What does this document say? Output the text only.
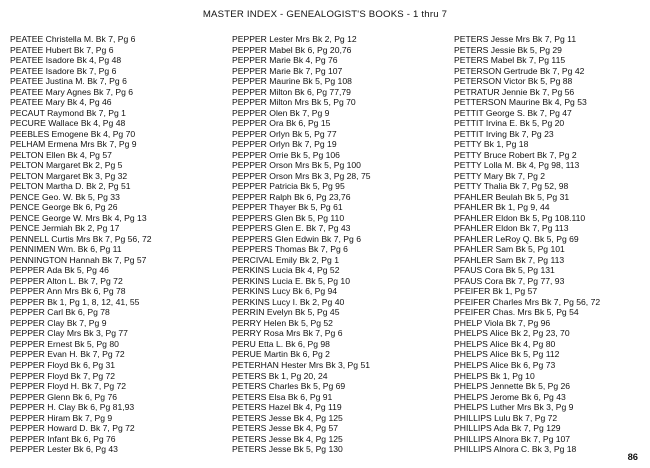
MASTER INDEX - GENEALOGIST'S BOOKS - 1 thru 7
PEATEE Christella M. Bk 7, Pg 6
PEATEE Hubert Bk 7, Pg 6
PEATEE Isadore Bk 4, Pg 48
PEATEE Isadore Bk 7, Pg 6
PEATEE Justina M. Bk 7, Pg 6
PEATEE Mary Agnes Bk 7, Pg 6
PEATEE Mary Bk 4, Pg 46
PECAUT Raymond Bk 7, Pg 1
PECURE Wallace Bk 4, Pg 48
PEEBLES Emogene Bk 4, Pg 70
PELHAM Ermena Mrs Bk 7, Pg 9
PELTON Ellen Bk 4, Pg 57
PELTON Margaret Bk 2, Pg 5
PELTON Margaret Bk 3, Pg 32
PELTON Martha D. Bk 2, Pg 51
PENCE Geo. W. Bk 5, Pg 33
PENCE George Bk 6, Pg 26
PENCE George W. Mrs Bk 4, Pg 13
PENCE Jermiah Bk 2, Pg 17
PENNELL Curtis Mrs Bk 7, Pg 56, 72
PENNIMEN Wm. Bk 6, Pg 11
PENNINGTON Hannah Bk 7, Pg 57
PEPPER Ada Bk 5, Pg 46
PEPPER Alton L. Bk 7, Pg 72
PEPPER Ann Mrs Bk 6, Pg 78
PEPPER Bk 1, Pg 1, 8, 12, 41, 55
PEPPER Carl Bk 6, Pg 78
PEPPER Clay Bk 7, Pg 9
PEPPER Clay Mrs Bk 3, Pg 77
PEPPER Ernest Bk 5, Pg 80
PEPPER Evan H. Bk 7, Pg 72
PEPPER Floyd Bk 6, Pg 31
PEPPER Floyd Bk 7, Pg 72
PEPPER Floyd H. Bk 7, Pg 72
PEPPER Glenn Bk 6, Pg 76
PEPPER H. Clay Bk 6, Pg 81,93
PEPPER Hiram Bk 7, Pg 9
PEPPER Howard D. Bk 7, Pg 72
PEPPER Infant Bk 6, Pg 76
PEPPER Lester Bk 6, Pg 43
PEPPER Lester Mrs Bk 2, Pg 12
PEPPER Mabel Bk 6, Pg 20,76
PEPPER Marie Bk 4, Pg 76
PEPPER Marie Bk 7, Pg 107
PEPPER Maurine Bk 5, Pg 108
PEPPER Milton Bk 6, Pg 77,79
PEPPER Milton Mrs Bk 5, Pg 70
PEPPER Olen Bk 7, Pg 9
PEPPER Ora Bk 6, Pg 15
PEPPER Orlyn Bk 5, Pg 77
PEPPER Orlyn Bk 7, Pg 19
PEPPER Orrie Bk 5, Pg 106
PEPPER Orson Mrs Bk 5, Pg 100
PEPPER Orson Mrs Bk 3, Pg 28, 75
PEPPER Patricia Bk 5, Pg 95
PEPPER Ralph Bk 6, Pg 23,76
PEPPER Thayer Bk 5, Pg 61
PEPPERS Glen Bk 5, Pg 110
PEPPERS Glen E. Bk 7, Pg 43
PEPPERS Glen Edwin Bk 7, Pg 6
PEPPERS Thomas Bk 7, Pg 6
PERCIVAL Emily Bk 2, Pg 1
PERKINS Lucia Bk 4, Pg 52
PERKINS Lucia E. Bk 5, Pg 10
PERKINS Lucy Bk 6, Pg 94
PERKINS Lucy I. Bk 2, Pg 40
PERRIN Evelyn Bk 5, Pg 45
PERRY Helen Bk 5, Pg 52
PERRY Rosa Mrs Bk 7, Pg 6
PERU Etta L. Bk 6, Pg 98
PERUE Martin Bk 6, Pg 2
PETERHAN Hester Mrs Bk 3, Pg 51
PETERS Bk 1, Pg 20, 24
PETERS Charles Bk 5, Pg 69
PETERS Elsa Bk 6, Pg 91
PETERS Hazel Bk 4, Pg 119
PETERS Jesse Bk 4, Pg 125
PETERS Jesse Bk 4, Pg 57
PETERS Jesse Bk 4, Pg 125
PETERS Jesse Bk 5, Pg 130
PETERS Jesse Mrs Bk 7, Pg 11
PETERS Jessie Bk 5, Pg 29
PETERS Mabel Bk 7, Pg 115
PETERSON Gertrude Bk 7, Pg 42
PETERSON Victor Bk 5, Pg 88
PETRATUR Jennie Bk 7, Pg 56
PETTERSON Maurine Bk 4, Pg 53
PETTIT George S. Bk 7, Pg 47
PETTIT Irvina E. Bk 5, Pg 20
PETTIT Irving Bk 7, Pg 23
PETTY Bk 1, Pg 18
PETTY Bruce Robert Bk 7, Pg 2
PETTY Lolla M. Bk 4, Pg 98, 113
PETTY Mary Bk 7, Pg 2
PETTY Thalia Bk 7, Pg 52, 98
PFAHLER Beulah Bk 5, Pg 31
PFAHLER Bk 1, Pg 9, 44
PFAHLER Eldon Bk 5, Pg 108.110
PFAHLER Eldon Bk 7, Pg 113
PFAHLER LeRoy Q. Bk 5, Pg 69
PFAHLER Sam Bk 5, Pg 101
PFAHLER Sam Bk 7, Pg 113
PFAUS Cora Bk 5, Pg 131
PFAUS Cora Bk 7, Pg 77, 93
PFEIFER Bk 1, Pg 57
PFEIFER Charles Mrs Bk 7, Pg 56, 72
PFEIFER Chas. Mrs Bk 5, Pg 54
PHELP Viola Bk 7, Pg 96
PHELPS Alice Bk 2, Pg 23, 70
PHELPS Alice Bk 4, Pg 80
PHELPS Alice Bk 5, Pg 112
PHELPS Alice Bk 6, Pg 73
PHELPS Bk 1, Pg 10
PHELPS Jennette Bk 5, Pg 26
PHELPS Jerome Bk 6, Pg 43
PHELPS Luther Mrs Bk 3, Pg 9
PHILLIPS Lulu Bk 7, Pg 72
PHILLIPS Ada Bk 7, Pg 129
PHILLIPS Alnora Bk 7, Pg 107
PHILLIPS Alnora C. Bk 3, Pg 18
86
